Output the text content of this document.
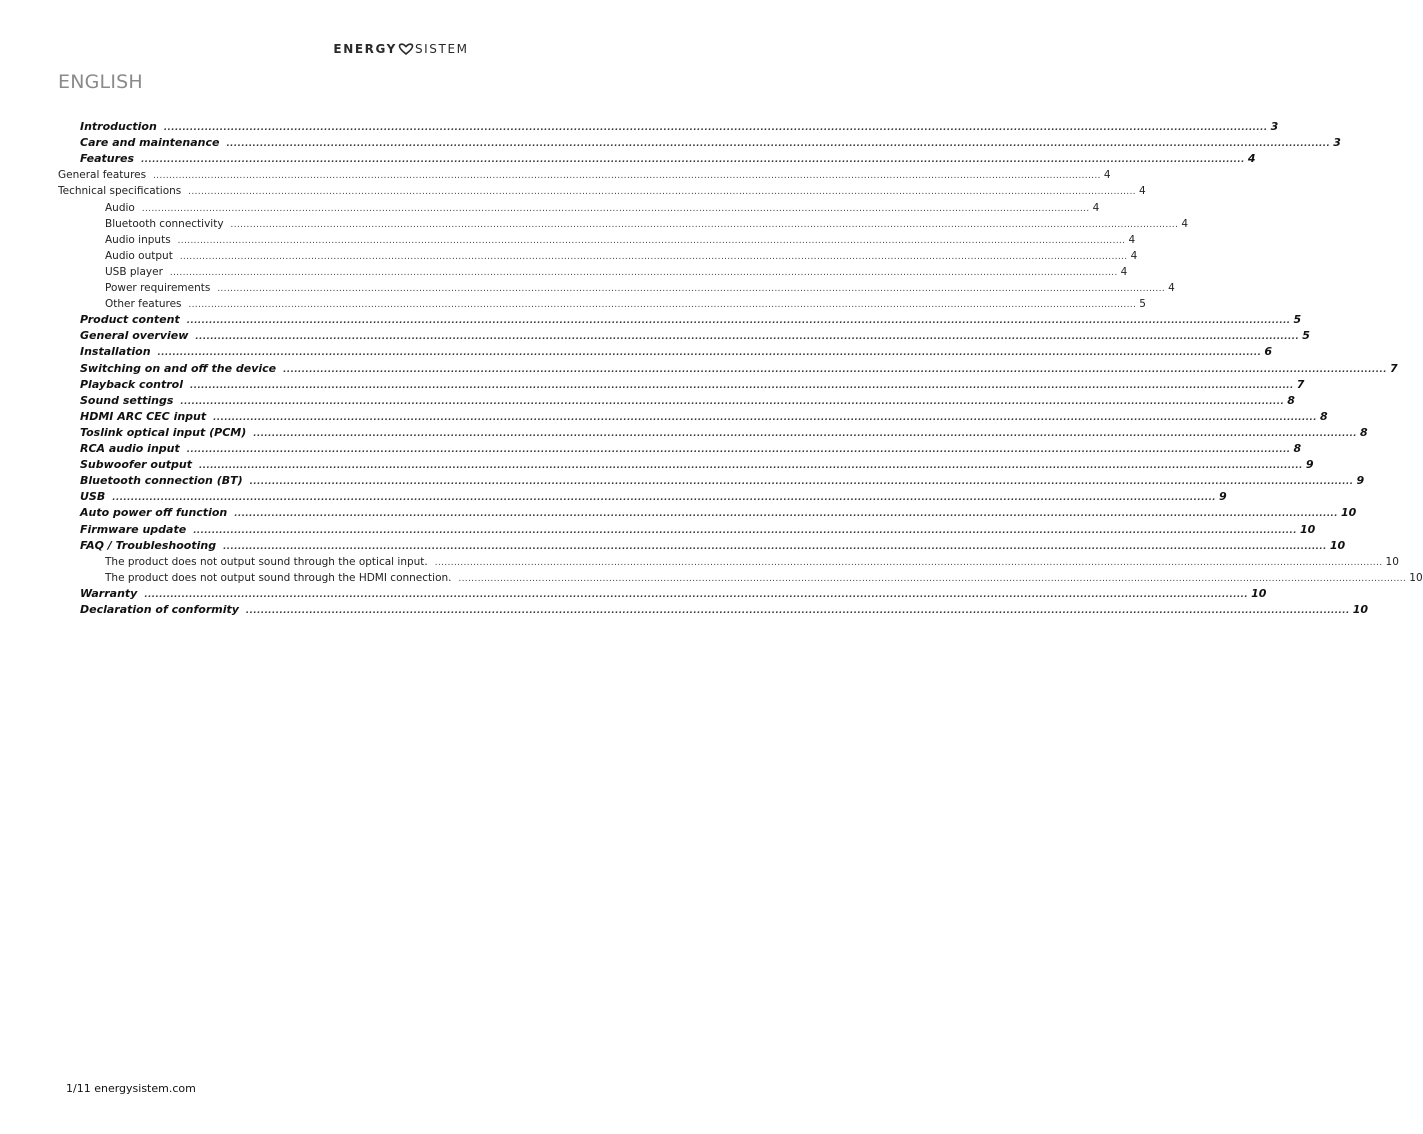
ENERGY SISTEM
ENGLISH
Introduction ........................................................................................................................................................................................................................................................................................................ 3
Care and maintenance ........................................................................................................................................................................................................................................................................................................ 3
Features ........................................................................................................................................................................................................................................................................................................ 4
General features ........................................................................................................................................................................................................................................................................................................ 4
Technical specifications ........................................................................................................................................................................................................................................................................................................ 4
Audio ........................................................................................................................................................................................................................................................................................................ 4
Bluetooth connectivity ........................................................................................................................................................................................................................................................................................................ 4
Audio inputs ........................................................................................................................................................................................................................................................................................................ 4
Audio output ........................................................................................................................................................................................................................................................................................................ 4
USB player ........................................................................................................................................................................................................................................................................................................ 4
Power requirements ........................................................................................................................................................................................................................................................................................................ 4
Other features ........................................................................................................................................................................................................................................................................................................ 5
Product content ........................................................................................................................................................................................................................................................................................................ 5
General overview ........................................................................................................................................................................................................................................................................................................ 5
Installation ........................................................................................................................................................................................................................................................................................................ 6
Switching on and off the device ........................................................................................................................................................................................................................................................................................................ 7
Playback control ........................................................................................................................................................................................................................................................................................................ 7
Sound settings ........................................................................................................................................................................................................................................................................................................ 8
HDMI ARC CEC input ........................................................................................................................................................................................................................................................................................................ 8
Toslink optical input (PCM) ........................................................................................................................................................................................................................................................................................................ 8
RCA audio input ........................................................................................................................................................................................................................................................................................................ 8
Subwoofer output ........................................................................................................................................................................................................................................................................................................ 9
Bluetooth connection (BT) ........................................................................................................................................................................................................................................................................................................ 9
USB ........................................................................................................................................................................................................................................................................................................ 9
Auto power off function ........................................................................................................................................................................................................................................................................................................ 10
Firmware update ........................................................................................................................................................................................................................................................................................................ 10
FAQ / Troubleshooting ........................................................................................................................................................................................................................................................................................................ 10
The product does not output sound through the optical input. ........................................................................................................................................................................................................................................................................................................ 10
The product does not output sound through the HDMI connection. ........................................................................................................................................................................................................................................................................................................ 10
Warranty ........................................................................................................................................................................................................................................................................................................ 10
Declaration of conformity ........................................................................................................................................................................................................................................................................................................ 10
1/11 energysistem.com
